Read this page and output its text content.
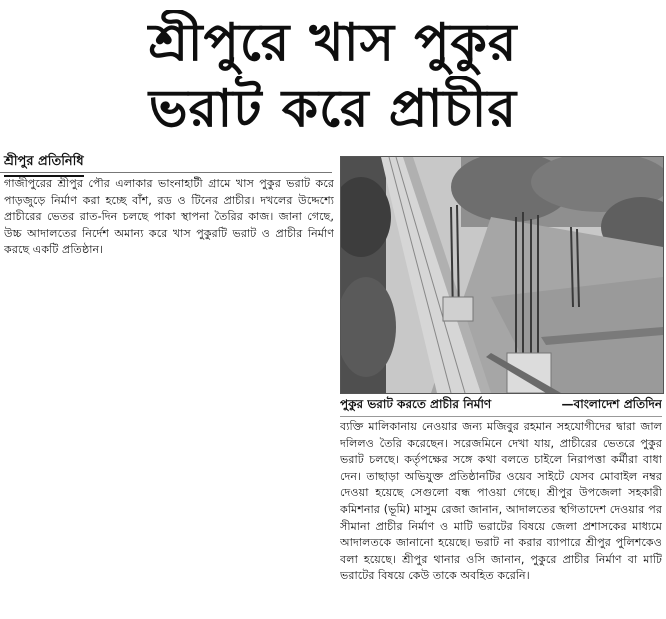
শ্রীপুরে খাস পুকুর
ভরাট করে প্রাচীর
শ্রীপুর প্রতিনিধি

গাজীপুরের শ্রীপুর পৌর এলাকার ভাংনাহাটী গ্রামে খাস পুকুর ভরাট করে পাড়জুড়ে নির্মাণ করা হচ্ছে বাঁশ, রড ও টিনের প্রাচীর। দখলের উদ্দেশ্যে প্রাচীরের ভেতর রাত-দিন চলছে পাকা স্থাপনা তৈরির কাজ। জানা গেছে, উচ্চ আদালতের নির্দেশ অমান্য করে খাস পুকুরটি ভরাট ও প্রাচীর নির্মাণ করছে একটি প্রতিষ্ঠান।

পুকুর ভরাট করতে প্রাচীর নির্মাণ	—বাংলাদেশ প্রতিদিন

ব্যক্তি মালিকানায় নেওয়ার জন্য মজিবুর রহমান সহযোগীদের দ্বারা জাল দলিলও তৈরি করেছেন। সরেজমিনে দেখা যায়, প্রাচীরের ভেতরে পুকুর ভরাট চলছে। কর্তৃপক্ষের সঙ্গে কথা বলতে চাইলে নিরাপত্তা কর্মীরা বাধা দেন। তাছাড়া অভিযুক্ত প্রতিষ্ঠানটির ওয়েব সাইটে যেসব মোবাইল নম্বর দেওয়া হয়েছে সেগুলো বন্ধ পাওয়া গেছে। শ্রীপুর উপজেলা সহকারী কমিশনার (ভূমি) মাসুম রেজা জানান, আদালতের স্থগিতাদেশ দেওয়ার পর সীমানা প্রাচীর নির্মাণ ও মাটি ভরাটের বিষয়ে জেলা প্রশাসকের মাধ্যমে আদালতকে জানানো হয়েছে। ভরাট না করার ব্যাপারে শ্রীপুর পুলিশকেও বলা হয়েছে। শ্রীপুর থানার ওসি জানান, পুকুরে প্রাচীর নির্মাণ বা মাটি ভরাটের বিষয়ে কেউ তাকে অবহিত করেনি।
